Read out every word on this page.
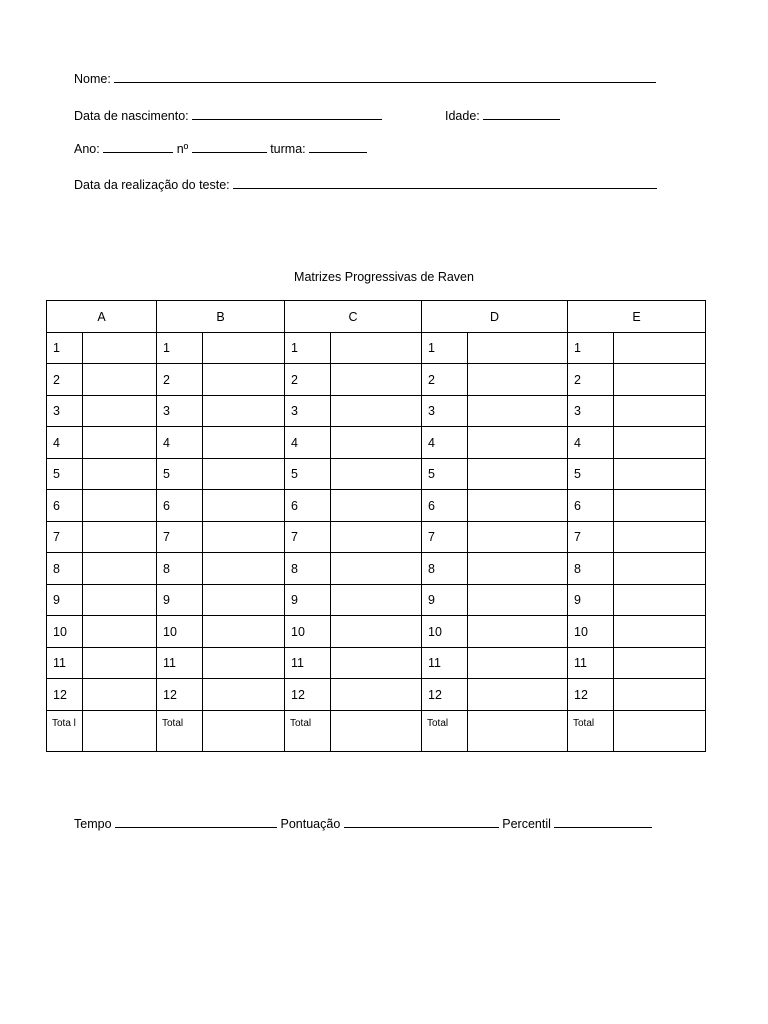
Nome:
Data de nascimento:	Idade:
Ano:	nº	turma:
Data da realização do teste:
Matrizes Progressivas de Raven
A		B		C		D		E	
1		1		1		1		1	
2		2		2		2		2	
3		3		3		3		3	
4		4		4		4		4	
5		5		5		5		5	
6		6		6		6		6	
7		7		7		7		7	
8		8		8		8		8	
9		9		9		9		9	
10		10		10		10		10	
11		11		11		11		11	
12		12		12		12		12	
Tota l		Total		Total		Total		Total	
Tempo	Pontuação	Percentil
